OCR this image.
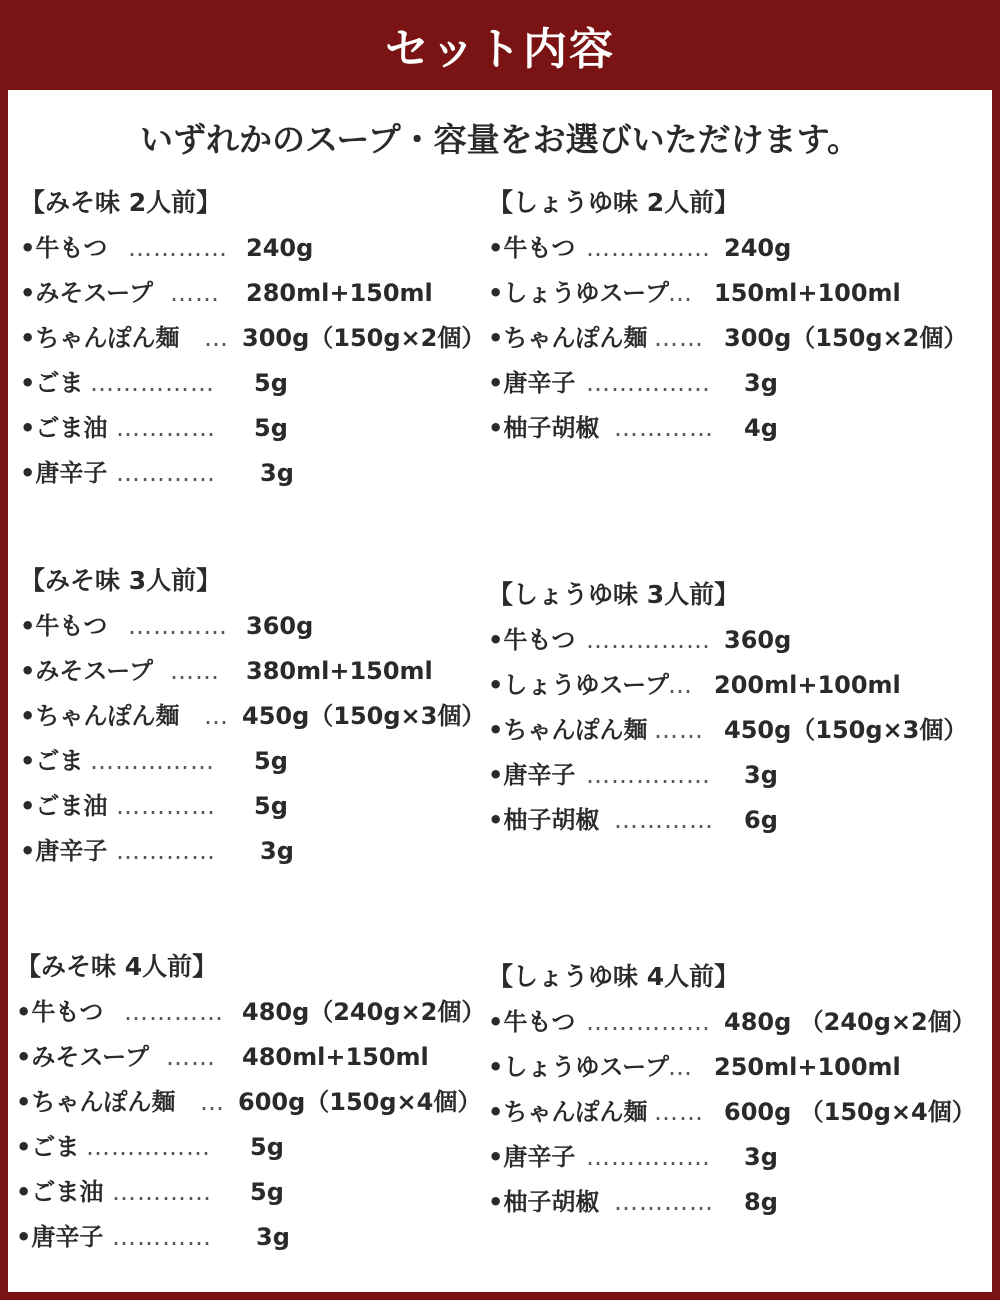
セット内容
いずれかのスープ・容量をお選びいただけます。
【みそ味 2人前】
•牛もつ ………… 240g
•みそスープ …… 280ml+150ml
•ちゃんぽん麺 … 300g（150g×2個）
•ごま …………… 5g
•ごま油 ………… 5g
•唐辛子 ………… 3g
【しょうゆ味 2人前】
•牛もつ …………… 240g
•しょうゆスープ … 150ml+100ml
•ちゃんぽん麺 …… 300g（150g×2個）
•唐辛子 …………… 3g
•柚子胡椒 ………… 4g
【みそ味 3人前】
•牛もつ ………… 360g
•みそスープ …… 380ml+150ml
•ちゃんぽん麺 … 450g（150g×3個）
•ごま …………… 5g
•ごま油 ………… 5g
•唐辛子 ………… 3g
【しょうゆ味 3人前】
•牛もつ …………… 360g
•しょうゆスープ … 200ml+100ml
•ちゃんぽん麺 …… 450g（150g×3個）
•唐辛子 …………… 3g
•柚子胡椒 ………… 6g
【みそ味 4人前】
•牛もつ ………… 480g（240g×2個）
•みそスープ …… 480ml+150ml
•ちゃんぽん麺 … 600g（150g×4個）
•ごま …………… 5g
•ごま油 ………… 5g
•唐辛子 ………… 3g
【しょうゆ味 4人前】
•牛もつ …………… 480g （240g×2個）
•しょうゆスープ … 250ml+100ml
•ちゃんぽん麺 …… 600g （150g×4個）
•唐辛子 …………… 3g
•柚子胡椒 ………… 8g
